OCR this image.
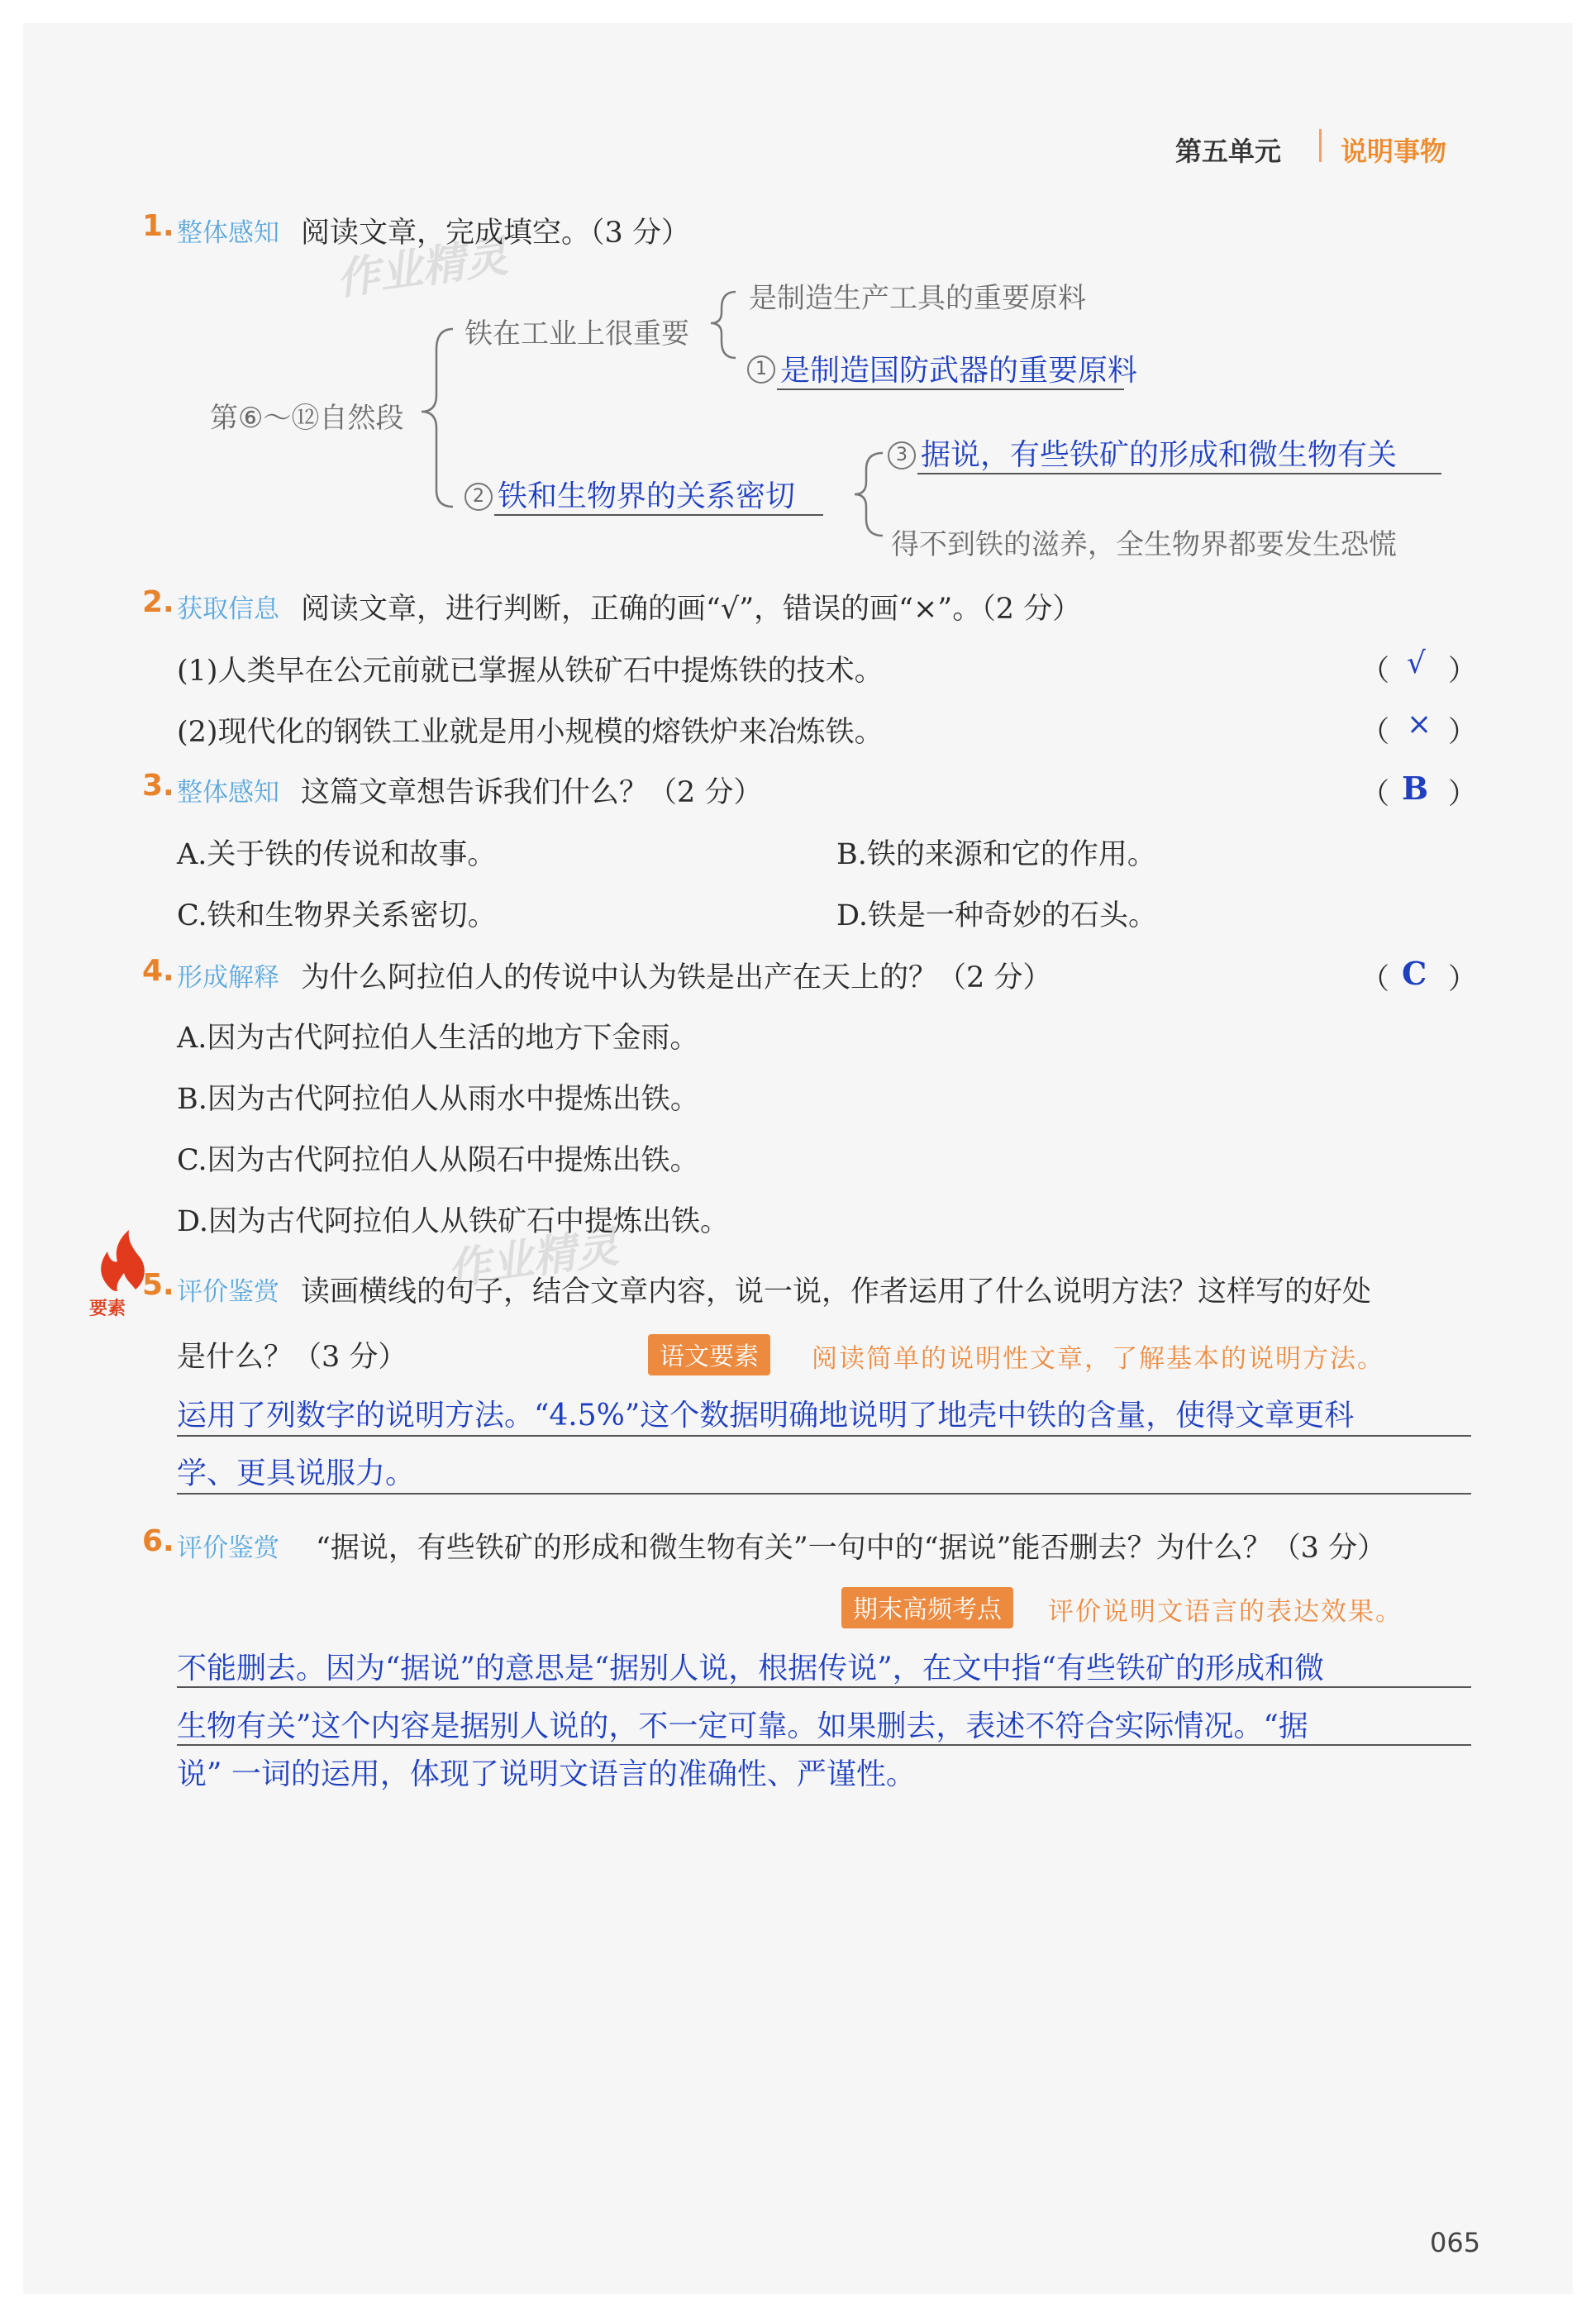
第五单元 说明事物
作业精灵
作业精灵
1. 整体感知 阅读文章，完成填空。（3 分）
第⑥～⑫自然段
铁在工业上很重要
是制造生产工具的重要原料
1 是制造国防武器的重要原料
2 铁和生物界的关系密切
3 据说，有些铁矿的形成和微生物有关
得不到铁的滋养，全生物界都要发生恐慌
2. 获取信息 阅读文章，进行判断，正确的画“√”，错误的画“×”。（2 分）
(1)人类早在公元前就已掌握从铁矿石中提炼铁的技术。	（ √ ）
(2)现代化的钢铁工业就是用小规模的熔铁炉来冶炼铁。	（ × ）
3. 整体感知 这篇文章想告诉我们什么？（2 分）	（ B ）
A.关于铁的传说和故事。	B.铁的来源和它的作用。
C.铁和生物界关系密切。	D.铁是一种奇妙的石头。
4. 形成解释 为什么阿拉伯人的传说中认为铁是出产在天上的？（2 分）	（ C ）
A.因为古代阿拉伯人生活的地方下金雨。
B.因为古代阿拉伯人从雨水中提炼出铁。
C.因为古代阿拉伯人从陨石中提炼出铁。
D.因为古代阿拉伯人从铁矿石中提炼出铁。
要素
5. 评价鉴赏 读画横线的句子，结合文章内容，说一说，作者运用了什么说明方法？这样写的好处
是什么？（3 分）	语文要素	阅读简单的说明性文章，了解基本的说明方法。
运用了列数字的说明方法。“4.5%”这个数据明确地说明了地壳中铁的含量，使得文章更科
学、更具说服力。
6. 评价鉴赏 “据说，有些铁矿的形成和微生物有关”一句中的“据说”能否删去？为什么？（3 分）
期末高频考点	评价说明文语言的表达效果。
不能删去。因为“据说”的意思是“据别人说，根据传说”，在文中指“有些铁矿的形成和微
生物有关”这个内容是据别人说的，不一定可靠。如果删去，表述不符合实际情况。“据
说” 一词的运用，体现了说明文语言的准确性、严谨性。
065
